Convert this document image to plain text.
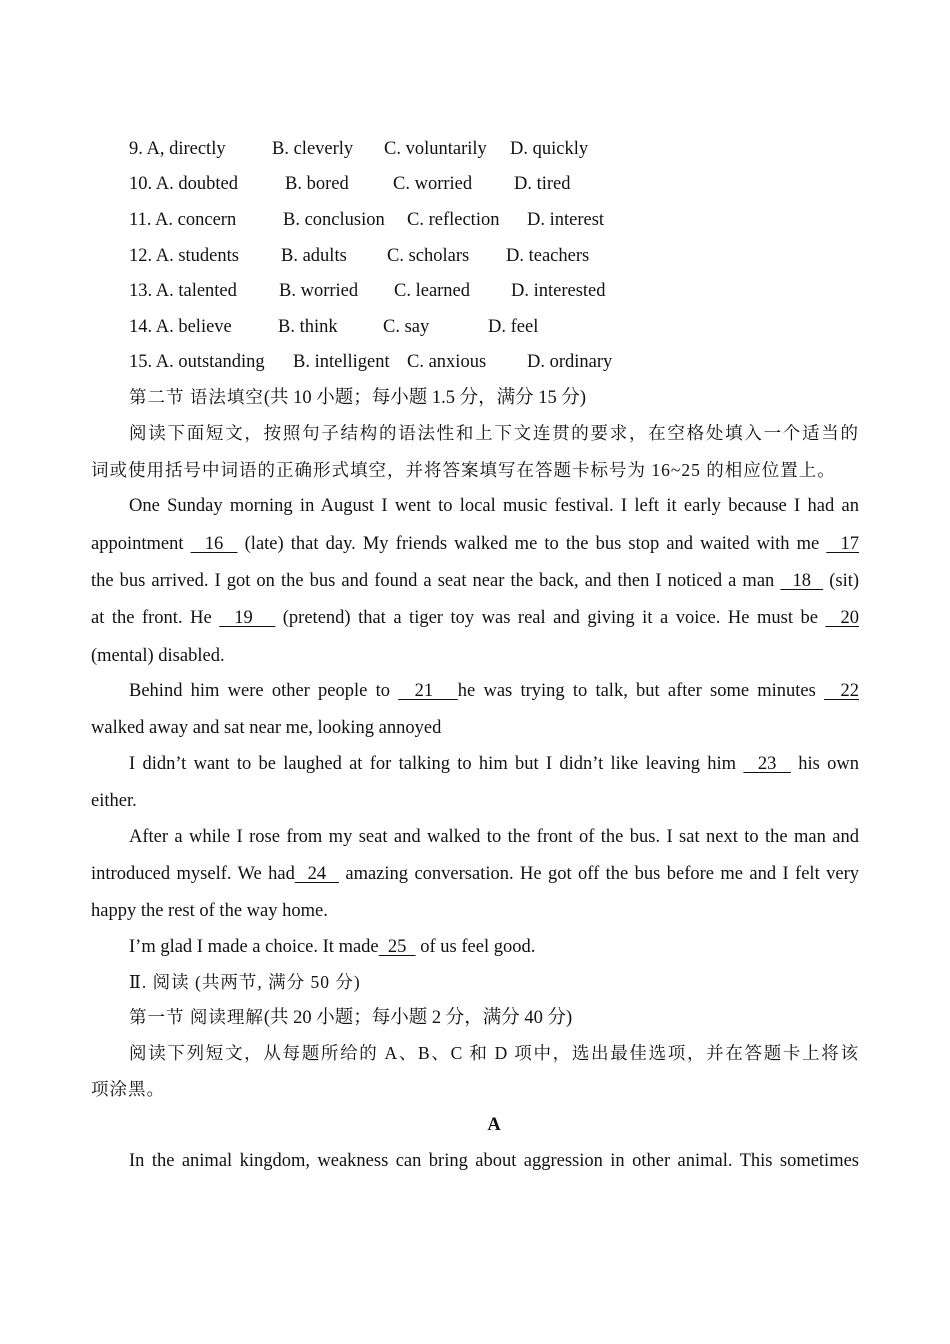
9. A, directly	B. cleverly C. voluntarily D. quickly
10. A. doubted	B. bored C. worried D. tired
11. A. concern	B. conclusion C. reflection D. interest
12. A. students B. adults C. scholars D. teachers
13. A. talented B. worried C. learned D. interested
14. A. believe B. think C. say	D. feel
15. A. outstanding B. intelligent C. anxious D. ordinary
第二节 语法填空(共 10 小题；每小题 1.5 分，满分 15 分)
阅读下面短文，按照句子结构的语法性和上下文连贯的要求，在空格处填入一个适当的
词或使用括号中词语的正确形式填空，并将答案填写在答题卡标号为 16~25 的相应位置上。
One Sunday morning in August I went to local music festival. I left it early because I had an
appointment   16   (late) that day. My friends walked me to the bus stop and waited with me   17
the bus arrived. I got on the bus and found a seat near the back, and then I noticed a man   18   (sit)
at the front. He   19    (pretend) that a tiger toy was real and giving it a voice. He must be   20
(mental) disabled.
Behind him were other people to   21   he was trying to talk, but after some minutes   22
walked away and sat near me, looking annoyed
I didn’t want to be laughed at for talking to him but I didn’t like leaving him   23   his own
either.
After a while I rose from my seat and walked to the front of the bus. I sat next to the man and
introduced myself. We had  24   amazing conversation. He got off the bus before me and I felt very
happy the rest of the way home.
I’m glad I made a choice. It made  25   of us feel good.
Ⅱ. 阅读 (共两节, 满分 50 分)
第一节 阅读理解(共 20 小题；每小题 2 分，满分 40 分)
阅读下列短文，从每题所给的 A、B、C 和 D 项中，选出最佳选项，并在答题卡上将该
项涂黑。
A
In the animal kingdom, weakness can bring about aggression in other animal. This sometimes
